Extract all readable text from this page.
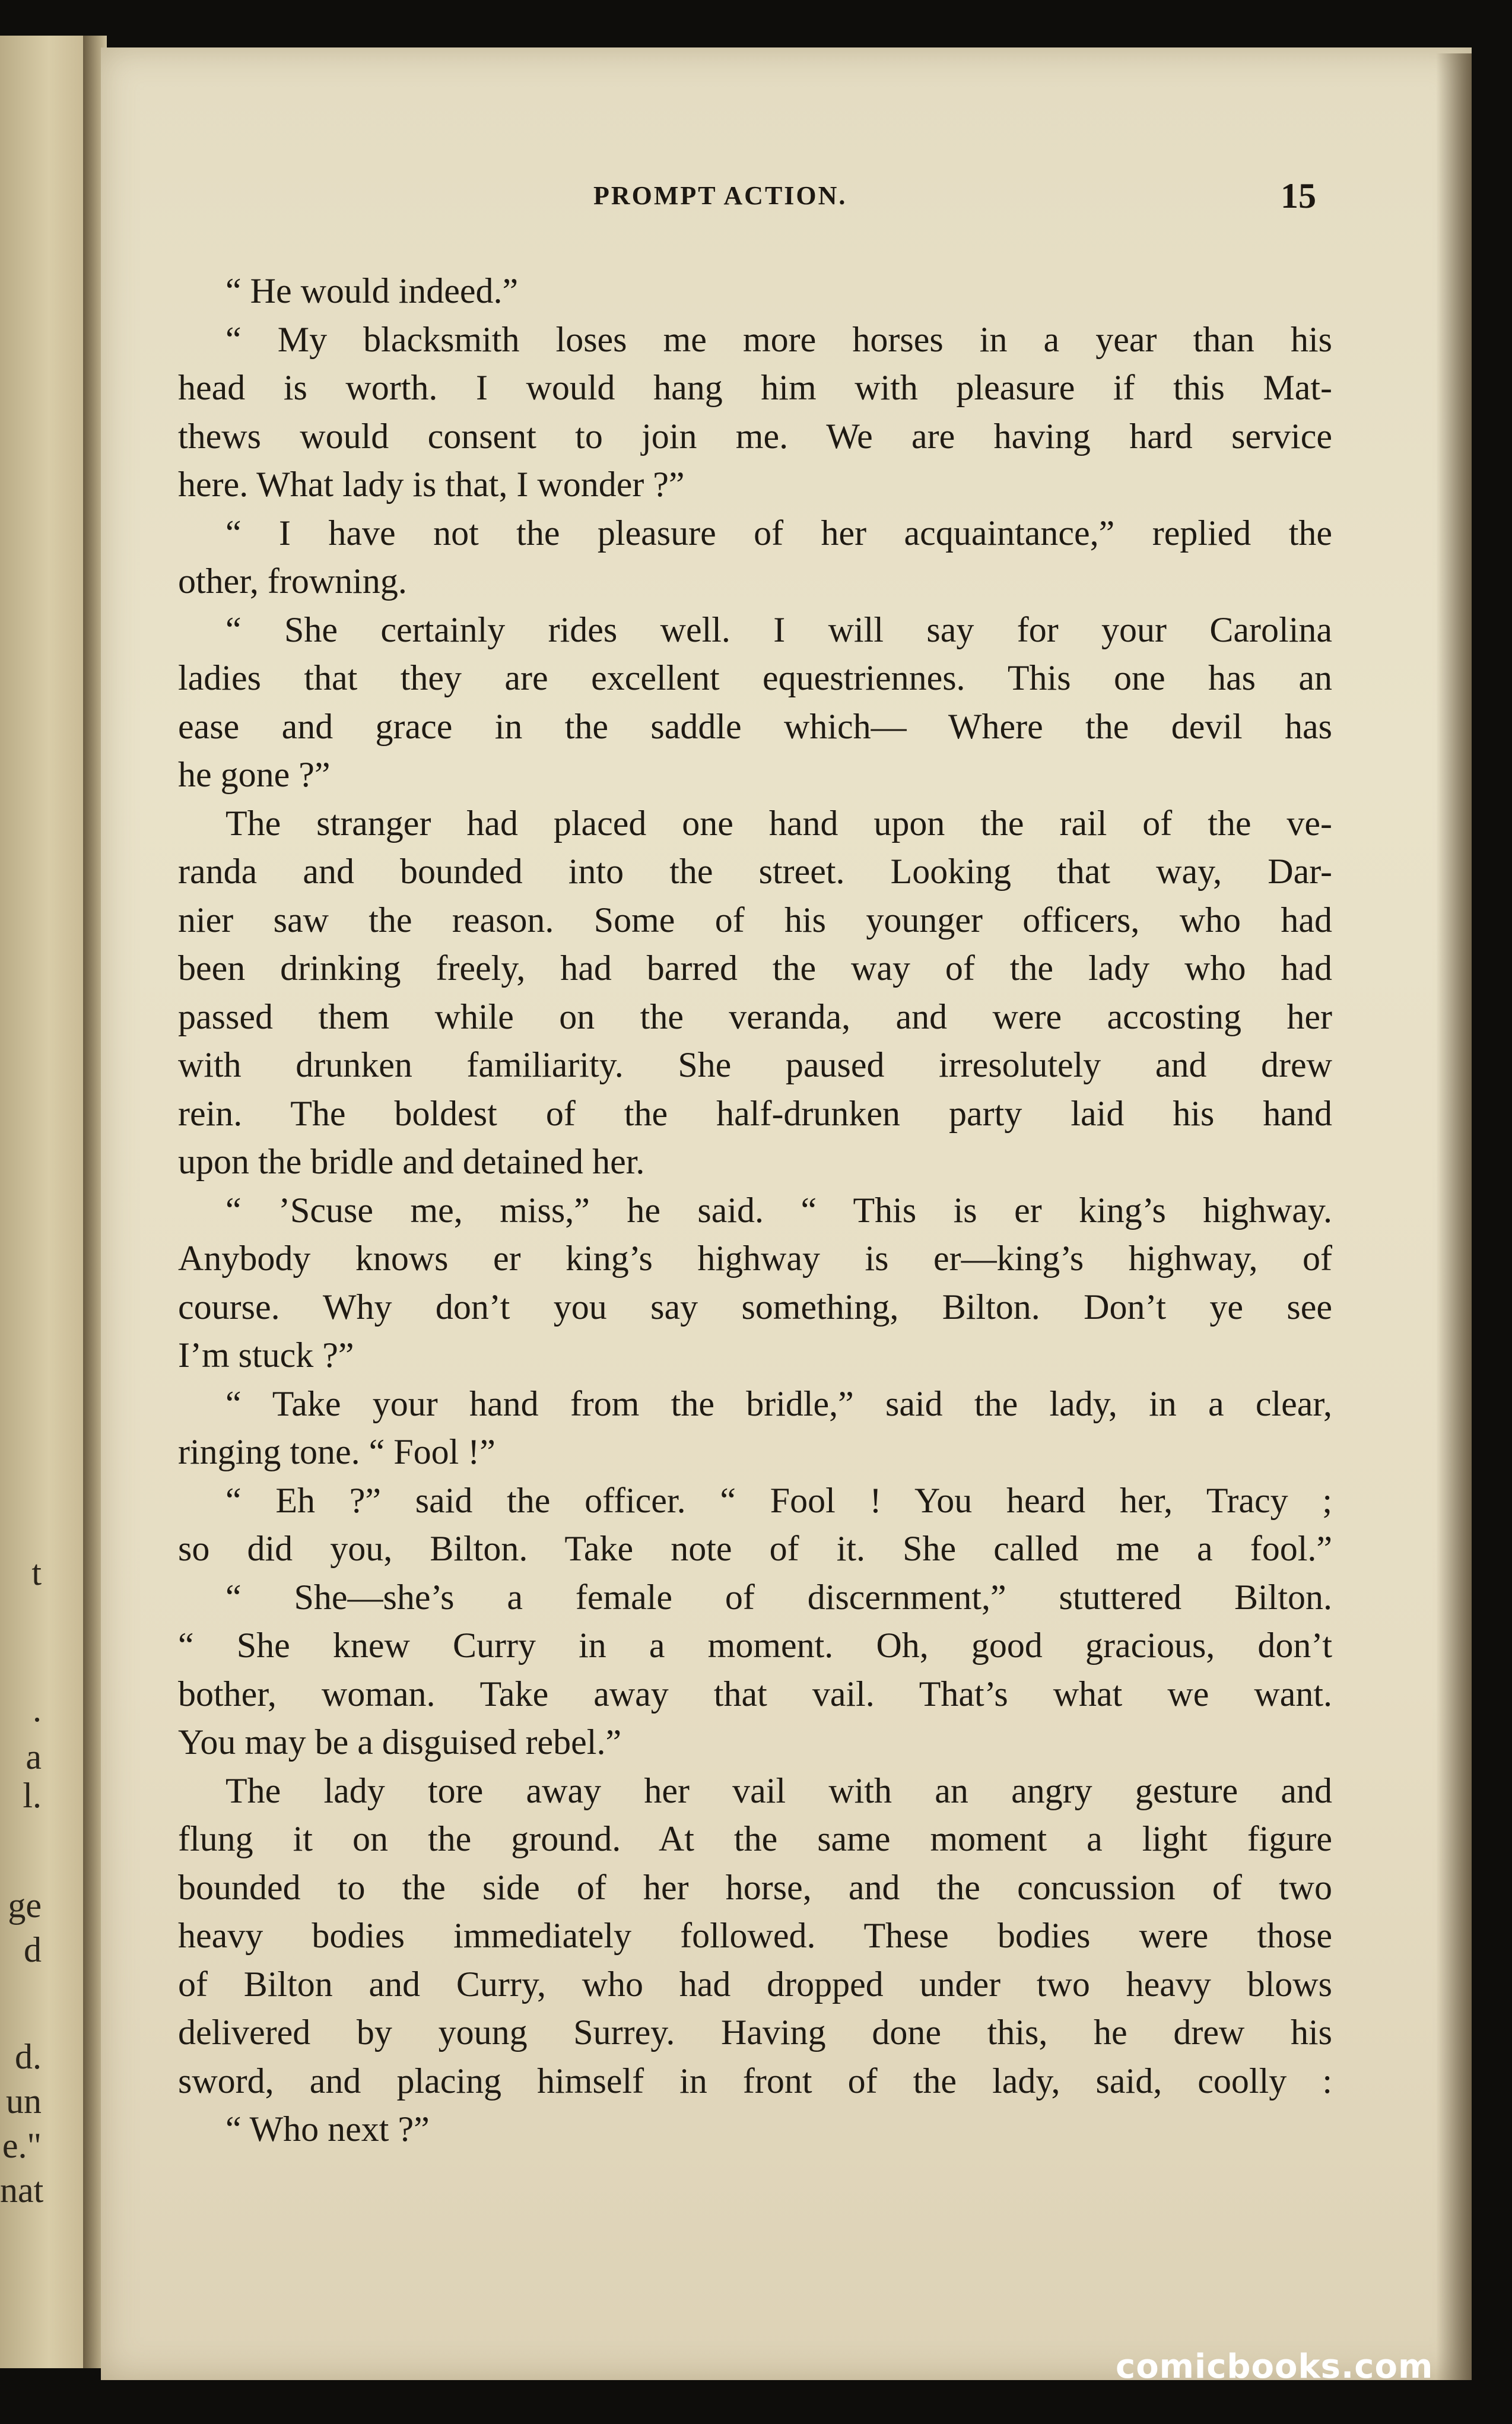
t
.
a
l.
ge
d
d.
un
e."
nat
PROMPT ACTION.	15
“ He would indeed.”
“ My blacksmith loses me more horses in a year than his
head is worth. I would hang him with pleasure if this Mat-
thews would consent to join me. We are having hard service
here. What lady is that, I wonder ?”
“ I have not the pleasure of her acquaintance,” replied the
other, frowning.
“ She certainly rides well. I will say for your Carolina
ladies that they are excellent equestriennes. This one has an
ease and grace in the saddle which— Where the devil has
he gone ?”
The stranger had placed one hand upon the rail of the ve-
randa and bounded into the street. Looking that way, Dar-
nier saw the reason. Some of his younger officers, who had
been drinking freely, had barred the way of the lady who had
passed them while on the veranda, and were accosting her
with drunken familiarity. She paused irresolutely and drew
rein. The boldest of the half-drunken party laid his hand
upon the bridle and detained her.
“ ’Scuse me, miss,” he said. “ This is er king’s highway.
Anybody knows er king’s highway is er—king’s highway, of
course. Why don’t you say something, Bilton. Don’t ye see
I’m stuck ?”
“ Take your hand from the bridle,” said the lady, in a clear,
ringing tone. “ Fool !”
“ Eh ?” said the officer. “ Fool ! You heard her, Tracy ;
so did you, Bilton. Take note of it. She called me a fool.”
“ She—she’s a female of discernment,” stuttered Bilton.
“ She knew Curry in a moment. Oh, good gracious, don’t
bother, woman. Take away that vail. That’s what we want.
You may be a disguised rebel.”
The lady tore away her vail with an angry gesture and
flung it on the ground. At the same moment a light figure
bounded to the side of her horse, and the concussion of two
heavy bodies immediately followed. These bodies were those
of Bilton and Curry, who had dropped under two heavy blows
delivered by young Surrey. Having done this, he drew his
sword, and placing himself in front of the lady, said, coolly :
“ Who next ?”
comicbooks.com
